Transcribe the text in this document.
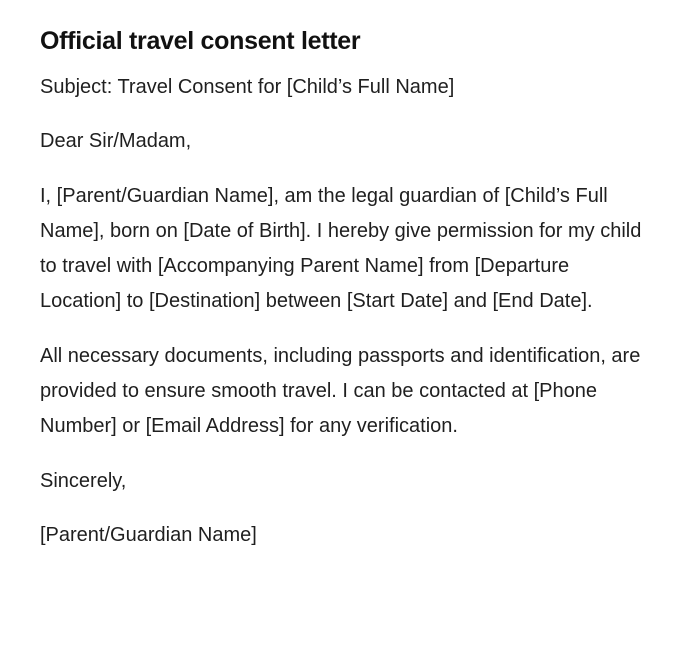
Official travel consent letter

Subject: Travel Consent for [Child’s Full Name]

Dear Sir/Madam,

I, [Parent/Guardian Name], am the legal guardian of [Child’s Full Name], born on [Date of Birth]. I hereby give permission for my child to travel with [Accompanying Parent Name] from [Departure Location] to [Destination] between [Start Date] and [End Date].

All necessary documents, including passports and identification, are provided to ensure smooth travel. I can be contacted at [Phone Number] or [Email Address] for any verification.

Sincerely,

[Parent/Guardian Name]
